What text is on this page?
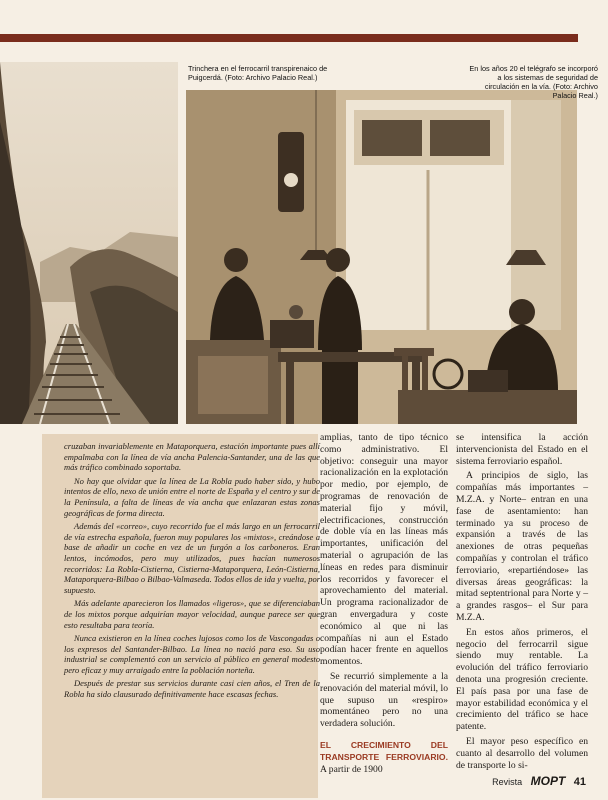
Trinchera en el ferrocarril transpirenaico de Puigcerdá. (Foto: Archivo Palacio Real.)
En los años 20 el telégrafo se incorporó a los sistemas de seguridad de circulación en la vía. (Foto: Archivo Palacio Real.)

cruzaban invariablemente en Mataporquera, estación importante pues allí empalmaba con la línea de vía ancha Palencia-Santander, una de las que más tráfico combinado soportaba.

No hay que olvidar que la línea de La Robla pudo haber sido, y hubo intentos de ello, nexo de unión entre el norte de España y el centro y sur de la Península, a falta de líneas de vía ancha que enlazaran estas zonas geográficas de forma directa.

Además del «correo», cuyo recorrido fue el más largo en un ferrocarril de vía estrecha española, fueron muy populares los «mixtos», creándose a base de añadir un coche en vez de un furgón a los carboneros. Eran lentos, incómodos, pero muy utilizados, pues hacían numerosos recorridos: La Robla-Cistierna, Cistierna-Mataporquera, León-Cistierna, Mataporquera-Bilbao o Bilbao-Valmaseda. Todos ellos de ida y vuelta, por supuesto.

Más adelante aparecieron los llamados «ligeros», que se diferenciaban de los mixtos porque adquirían mayor velocidad, aunque parece ser que esto resultaba para teoría.

Nunca existieron en la línea coches lujosos como los de Vascongadas o los expresos del Santander-Bilbao. La línea no nació para eso. Su uso industrial se complementó con un servicio al público en general modesto pero eficaz y muy arraigado entre la población norteña.

Después de prestar sus servicios durante casi cien años, el Tren de la Robla ha sido clausurado definitivamente hace escasas fechas.

amplias, tanto de tipo técnico como administrativo. El objetivo: conseguir una mayor racionalización en la explotación por medio, por ejemplo, de programas de renovación de material fijo y móvil, electrificaciones, construcción de doble vía en las líneas más importantes, unificación del material o agrupación de las líneas en redes para disminuir los recorridos y favorecer el aprovechamiento del material. Un programa racionalizador de gran envergadura y coste económico al que ni las compañías ni aun el Estado podían hacer frente en aquellos momentos.

Se recurrió simplemente a la renovación del material móvil, lo que supuso un «respiro» momentáneo pero no una verdadera solución.

EL CRECIMIENTO DEL TRANSPORTE FERROVIARIO. A partir de 1900

se intensifica la acción intervencionista del Estado en el sistema ferroviario español.

A principios de siglo, las compañías más importantes –M.Z.A. y Norte– entran en una fase de asentamiento: han terminado ya su proceso de expansión a través de las anexiones de otras pequeñas compañías y controlan el tráfico ferroviario, «repartiéndose» las diversas áreas geográficas: la mitad septentrional para Norte y –a grandes rasgos– el Sur para M.Z.A.

En estos años primeros, el negocio del ferrocarril sigue siendo muy rentable. La evolución del tráfico ferroviario denota una progresión creciente. El país pasa por una fase de mayor estabilidad económica y el crecimiento del tráfico se hace patente.

El mayor peso específico en cuanto al desarrollo del volumen de transporte lo si-

Revista MOPT 41
